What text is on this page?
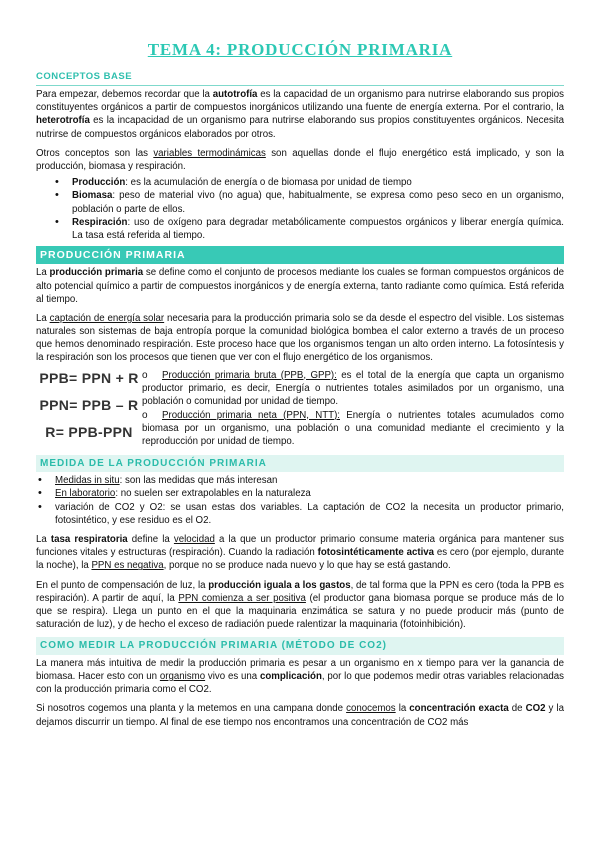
TEMA 4: PRODUCCIÓN PRIMARIA
CONCEPTOS BASE

Para empezar, debemos recordar que la autotrofía es la capacidad de un organismo para nutrirse elaborando sus propios constituyentes orgánicos a partir de compuestos inorgánicos utilizando una fuente de energía externa. Por el contrario, la heterotrofía es la incapacidad de un organismo para nutrirse elaborando sus propios constituyentes orgánicos. Necesita nutrirse de compuestos orgánicos elaborados por otros.

Otros conceptos son las variables termodinámicas son aquellas donde el flujo energético está implicado, y son la producción, biomasa y respiración.

• Producción: es la acumulación de energía o de biomasa por unidad de tiempo
• Biomasa: peso de material vivo (no agua) que, habitualmente, se expresa como peso seco en un organismo, población o parte de ellos.
• Respiración: uso de oxígeno para degradar metabólicamente compuestos orgánicos y liberar energía química. La tasa está referida al tiempo.
PRODUCCIÓN PRIMARIA

La producción primaria se define como el conjunto de procesos mediante los cuales se forman compuestos orgánicos de alto potencial químico a partir de compuestos inorgánicos y de energía externa, tanto radiante como química. Está referida al tiempo.

La captación de energía solar necesaria para la producción primaria solo se da desde el espectro del visible. Los sistemas naturales son sistemas de baja entropía porque la comunidad biológica bombea el calor externo a través de un proceso que hemos denominado respiración. Este proceso hace que los organismos tengan un alto orden interno. La fotosíntesis y la respiración son los procesos que tienen que ver con el flujo energético de los organismos.

PPB= PPN + R
PPN= PPB – R
R= PPB-PPN
o Producción primaria bruta (PPB, GPP): es el total de la energía que capta un organismo productor primario, es decir, Energía o nutrientes totales asimilados por un organismo, una población o comunidad por unidad de tiempo.
o Producción primaria neta (PPN, NTT): Energía o nutrientes totales acumulados como biomasa por un organismo, una población o una comunidad mediante el crecimiento y la reproducción por unidad de tiempo.
MEDIDA DE LA PRODUCCIÓN PRIMARIA
• Medidas in situ: son las medidas que más interesan
• En laboratorio: no suelen ser extrapolables en la naturaleza
• variación de CO2 y O2: se usan estas dos variables. La captación de CO2 la necesita un productor primario, fotosintético, y ese residuo es el O2.

La tasa respiratoria define la velocidad a la que un productor primario consume materia orgánica para mantener sus funciones vitales y estructuras (respiración). Cuando la radiación fotosintéticamente activa es cero (por ejemplo, durante la noche), la PPN es negativa, porque no se produce nada nuevo y lo que hay se está gastando.

En el punto de compensación de luz, la producción iguala a los gastos, de tal forma que la PPN es cero (toda la PPB es respiración). A partir de aquí, la PPN comienza a ser positiva (el productor gana biomasa porque se produce más de lo que se respira). Llega un punto en el que la maquinaria enzimática se satura y no puede producir más (punto de saturación de luz), y de hecho el exceso de radiación puede ralentizar la maquinaria (fotoinhibición).

COMO MEDIR LA PRODUCCIÓN PRIMARIA (MÉTODO DE CO2)

La manera más intuitiva de medir la producción primaria es pesar a un organismo en x tiempo para ver la ganancia de biomasa. Hacer esto con un organismo vivo es una complicación, por lo que podemos medir otras variables relacionadas con la producción primaria como el CO2.

Si nosotros cogemos una planta y la metemos en una campana donde conocemos la concentración exacta de CO2 y la dejamos discurrir un tiempo. Al final de ese tiempo nos encontramos una concentración de CO2 más
